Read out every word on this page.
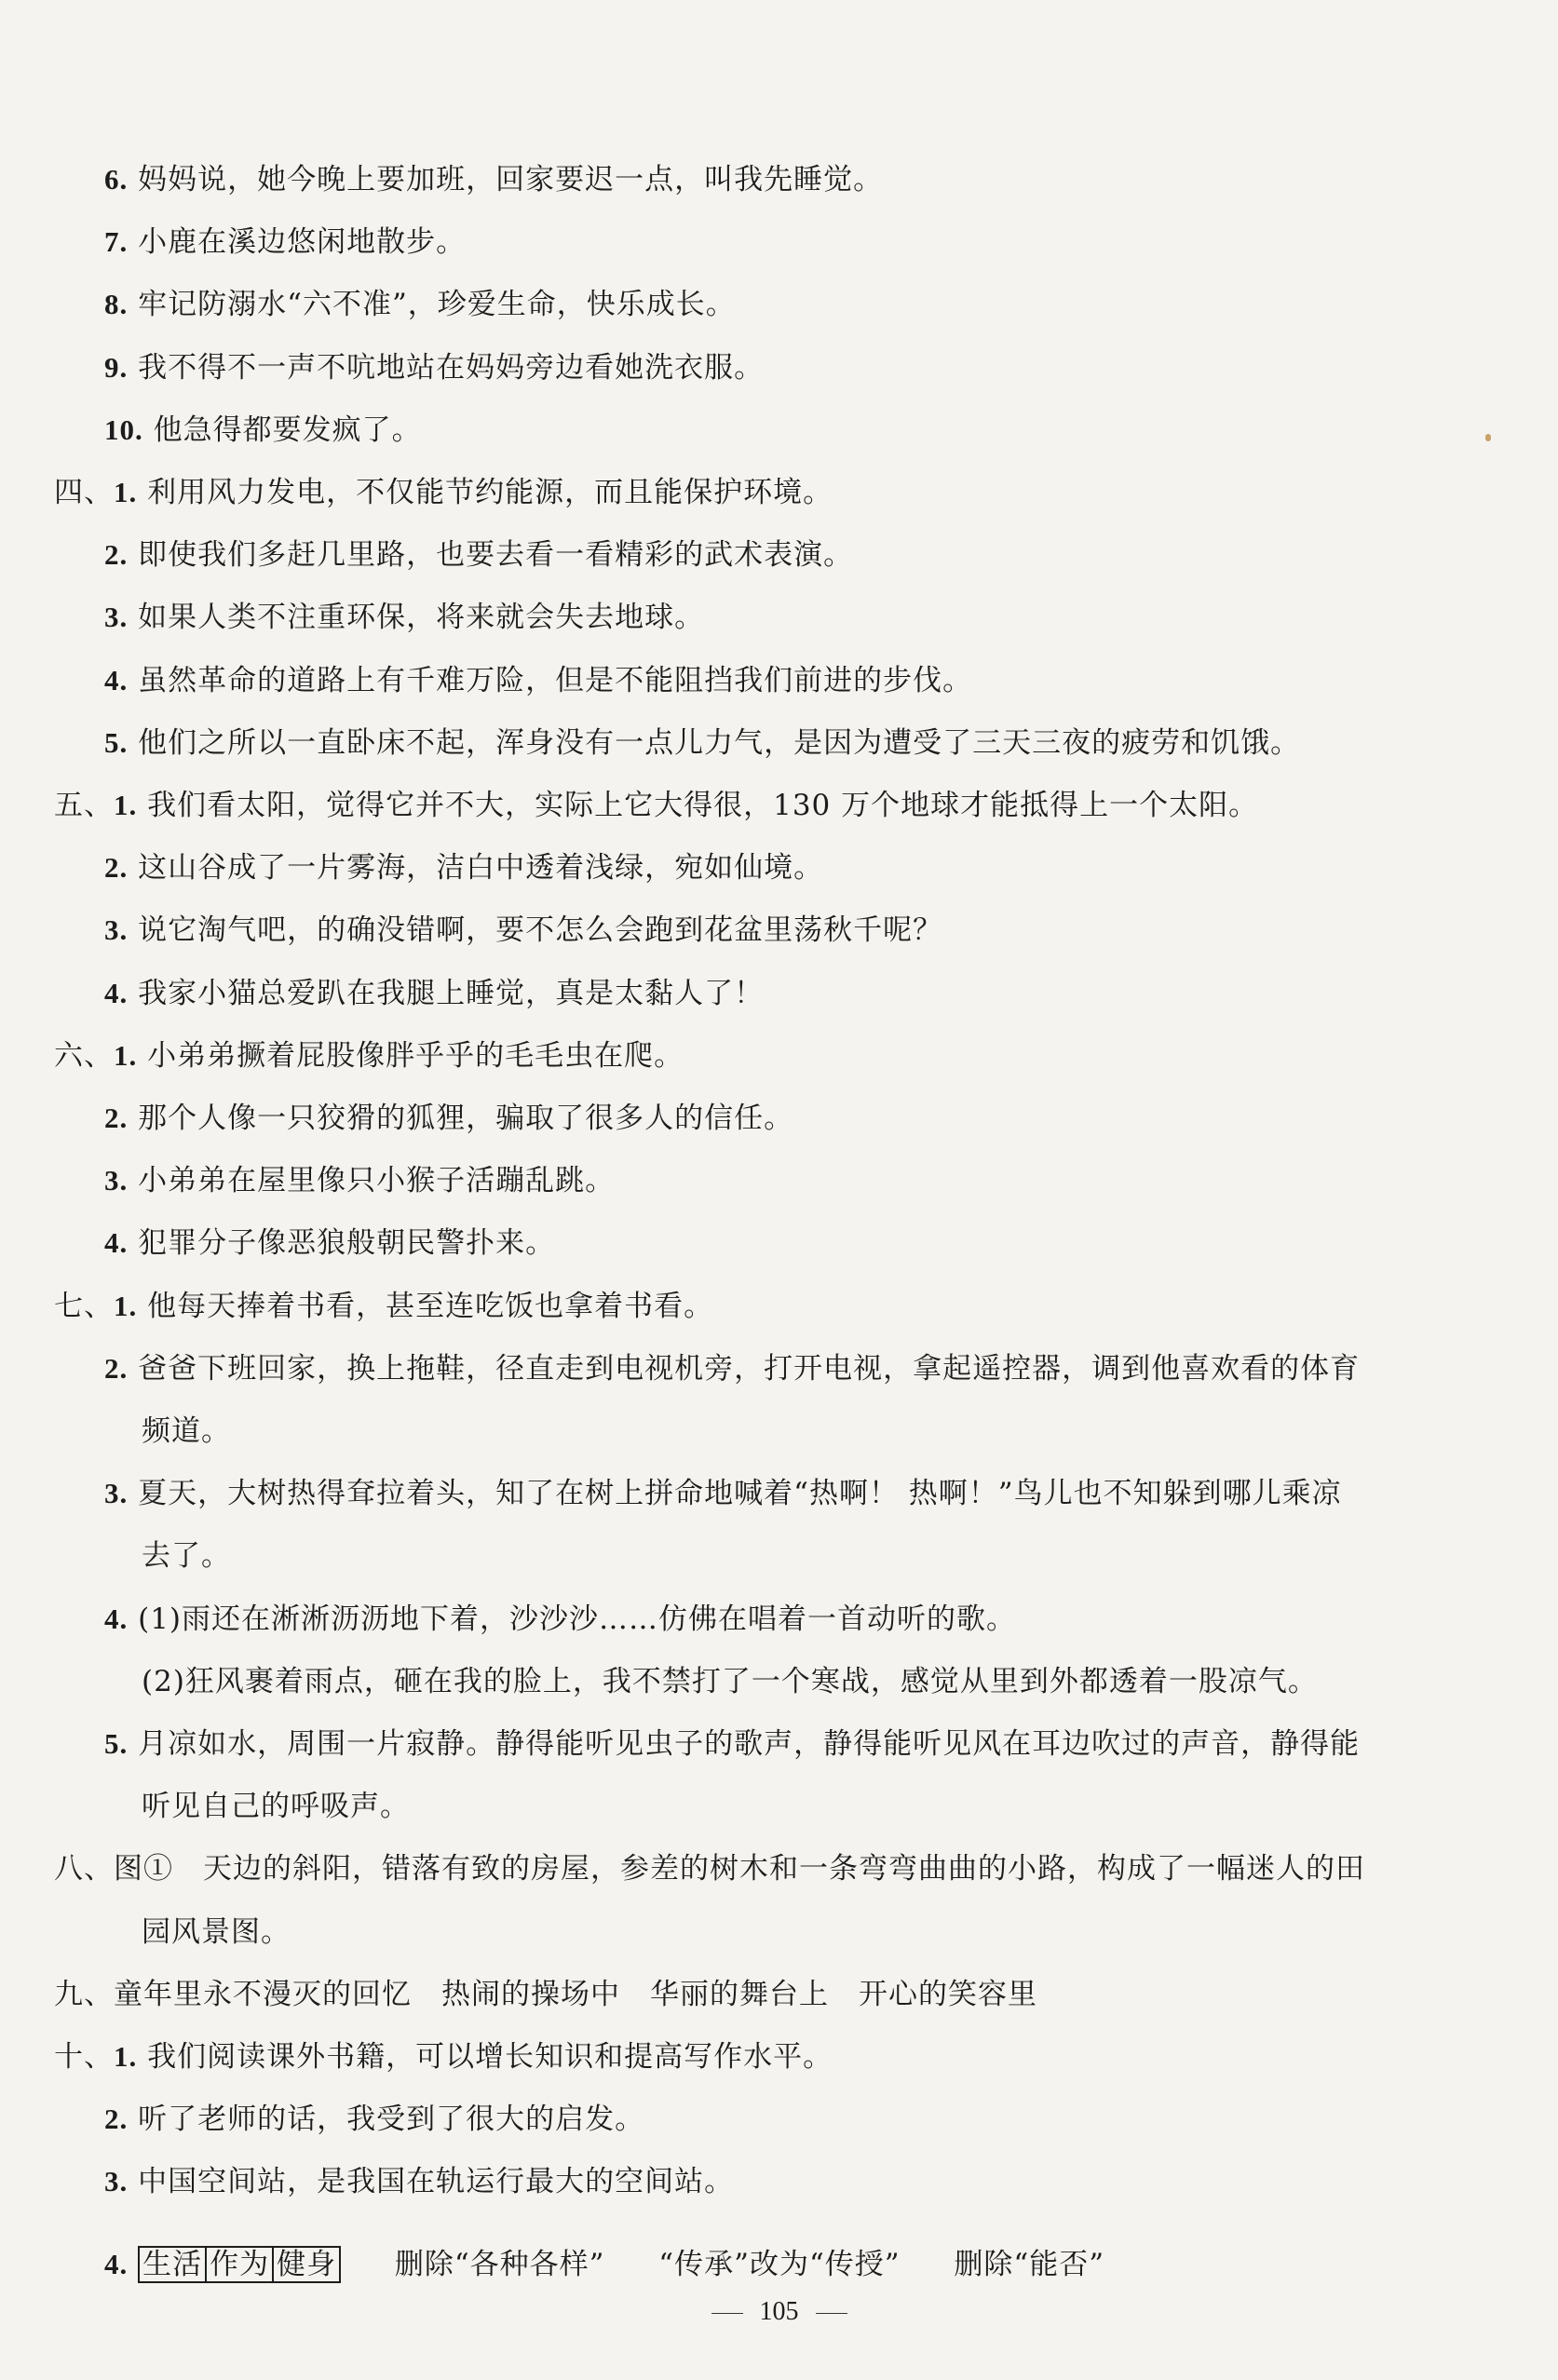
6. 妈妈说，她今晚上要加班，回家要迟一点，叫我先睡觉。
7. 小鹿在溪边悠闲地散步。
8. 牢记防溺水“六不准”，珍爱生命，快乐成长。
9. 我不得不一声不吭地站在妈妈旁边看她洗衣服。
10. 他急得都要发疯了。
四、1. 利用风力发电，不仅能节约能源，而且能保护环境。
2. 即使我们多赶几里路，也要去看一看精彩的武术表演。
3. 如果人类不注重环保，将来就会失去地球。
4. 虽然革命的道路上有千难万险，但是不能阻挡我们前进的步伐。
5. 他们之所以一直卧床不起，浑身没有一点儿力气，是因为遭受了三天三夜的疲劳和饥饿。
五、1. 我们看太阳，觉得它并不大，实际上它大得很，130 万个地球才能抵得上一个太阳。
2. 这山谷成了一片雾海，洁白中透着浅绿，宛如仙境。
3. 说它淘气吧，的确没错啊，要不怎么会跑到花盆里荡秋千呢？
4. 我家小猫总爱趴在我腿上睡觉，真是太黏人了！
六、1. 小弟弟撅着屁股像胖乎乎的毛毛虫在爬。
2. 那个人像一只狡猾的狐狸，骗取了很多人的信任。
3. 小弟弟在屋里像只小猴子活蹦乱跳。
4. 犯罪分子像恶狼般朝民警扑来。
七、1. 他每天捧着书看，甚至连吃饭也拿着书看。
2. 爸爸下班回家，换上拖鞋，径直走到电视机旁，打开电视，拿起遥控器，调到他喜欢看的体育
频道。
3. 夏天，大树热得耷拉着头，知了在树上拼命地喊着“热啊！ 热啊！”鸟儿也不知躲到哪儿乘凉
去了。
4. (1)雨还在淅淅沥沥地下着，沙沙沙……仿佛在唱着一首动听的歌。
(2)狂风裹着雨点，砸在我的脸上，我不禁打了一个寒战，感觉从里到外都透着一股凉气。
5. 月凉如水，周围一片寂静。静得能听见虫子的歌声，静得能听见风在耳边吹过的声音，静得能
听见自己的呼吸声。
八、图①　天边的斜阳，错落有致的房屋，参差的树木和一条弯弯曲曲的小路，构成了一幅迷人的田
园风景图。
九、童年里永不漫灭的回忆　热闹的操场中　华丽的舞台上　开心的笑容里
十、1. 我们阅读课外书籍，可以增长知识和提高写作水平。
2. 听了老师的话，我受到了很大的启发。
3. 中国空间站，是我国在轨运行最大的空间站。
4. 生活 作为 健身 删除“各种各样” “传承”改为“传授” 删除“能否”
105
